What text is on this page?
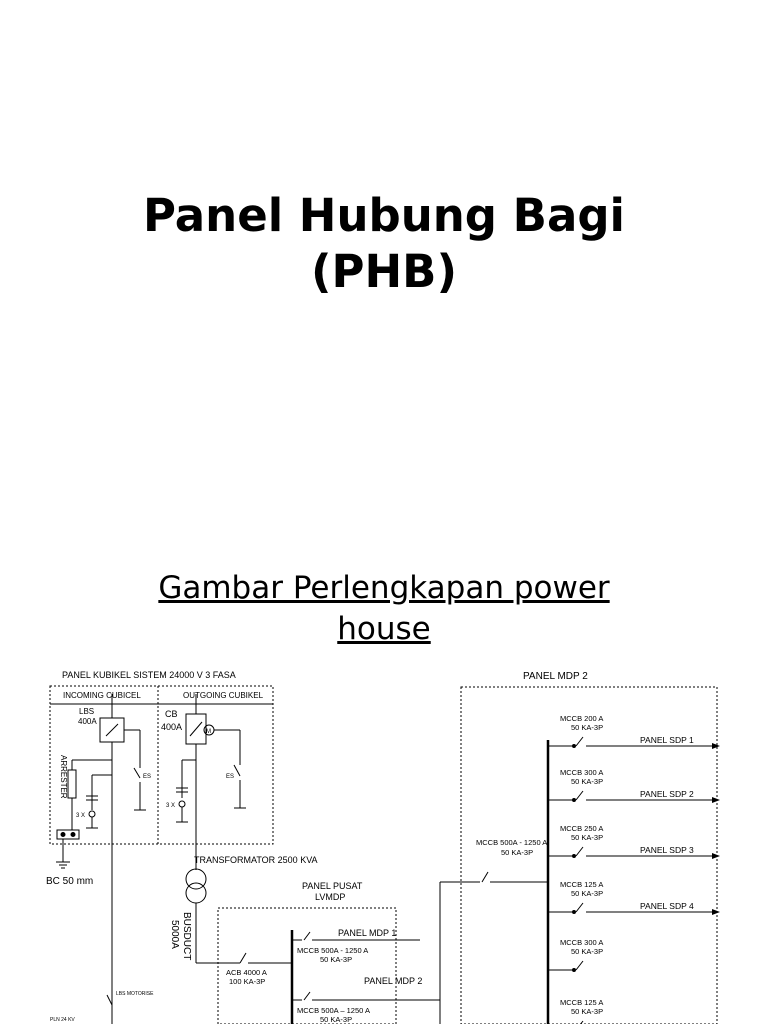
Panel Hubung Bagi
(PHB)
Gambar Perlengkapan power
house
PANEL KUBIKEL SISTEM 24000 V 3 FASA
INCOMING CUBICEL	OUTGOING CUBIKEL
LBS
400A
CB
400A	M
ARRESTER	ES	ES
3 X
3 X
BC 50 mm
TRANSFORMATOR 2500 KVA
BUSDUCT
5000A
PANEL PUSAT
LVMDP
ACB 4000 A
100 KA-3P
MCCB 500A - 1250 A
50 KA-3P
MCCB 500A – 1250 A
50 KA-3P
PANEL MDP 1
PANEL MDP 2
LBS MOTORISE
PLN 24 KV
PANEL MDP 2
MCCB 500A - 1250 A
50 KA-3P
PANEL SDP 1
MCCB 200 A
50 KA-3P
PANEL SDP 2
MCCB 300 A
50 KA-3P
PANEL SDP 3
MCCB 250 A
50 KA-3P
PANEL SDP 4
MCCB 125 A
50 KA-3P
MCCB 300 A
50 KA-3P
MCCB 125 A
50 KA-3P
